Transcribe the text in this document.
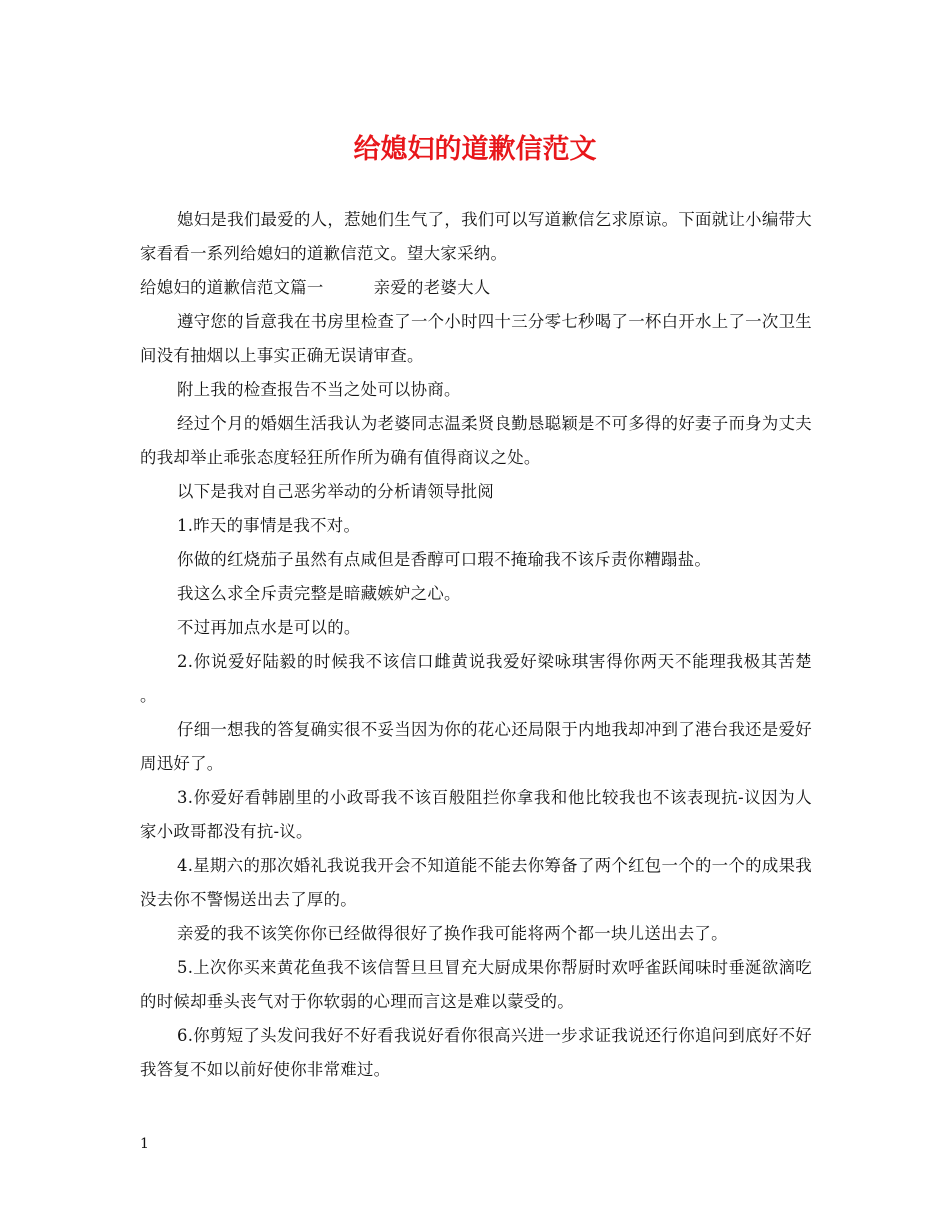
给媳妇的道歉信范文

媳妇是我们最爱的人，惹她们生气了，我们可以写道歉信乞求原谅。下面就让小编带大家看看一系列给媳妇的道歉信范文。望大家采纳。

给媳妇的道歉信范文篇一　　　亲爱的老婆大人

遵守您的旨意我在书房里检查了一个小时四十三分零七秒喝了一杯白开水上了一次卫生间没有抽烟以上事实正确无误请审查。

附上我的检查报告不当之处可以协商。

经过个月的婚姻生活我认为老婆同志温柔贤良勤恳聪颖是不可多得的好妻子而身为丈夫的我却举止乖张态度轻狂所作所为确有值得商议之处。

以下是我对自己恶劣举动的分析请领导批阅

1.昨天的事情是我不对。

你做的红烧茄子虽然有点咸但是香醇可口瑕不掩瑜我不该斥责你糟蹋盐。

我这么求全斥责完整是暗藏嫉妒之心。

不过再加点水是可以的。

2.你说爱好陆毅的时候我不该信口雌黄说我爱好梁咏琪害得你两天不能理我极其苦楚 。

仔细一想我的答复确实很不妥当因为你的花心还局限于内地我却冲到了港台我还是爱好周迅好了。

3.你爱好看韩剧里的小政哥我不该百般阻拦你拿我和他比较我也不该表现抗-议因为人家小政哥都没有抗-议。

4.星期六的那次婚礼我说我开会不知道能不能去你筹备了两个红包一个的一个的成果我没去你不警惕送出去了厚的。

亲爱的我不该笑你你已经做得很好了换作我可能将两个都一块儿送出去了。

5.上次你买来黄花鱼我不该信誓旦旦冒充大厨成果你帮厨时欢呼雀跃闻味时垂涎欲滴吃的时候却垂头丧气对于你软弱的心理而言这是难以蒙受的。

6.你剪短了头发问我好不好看我说好看你很高兴进一步求证我说还行你追问到底好不好我答复不如以前好使你非常难过。

1
